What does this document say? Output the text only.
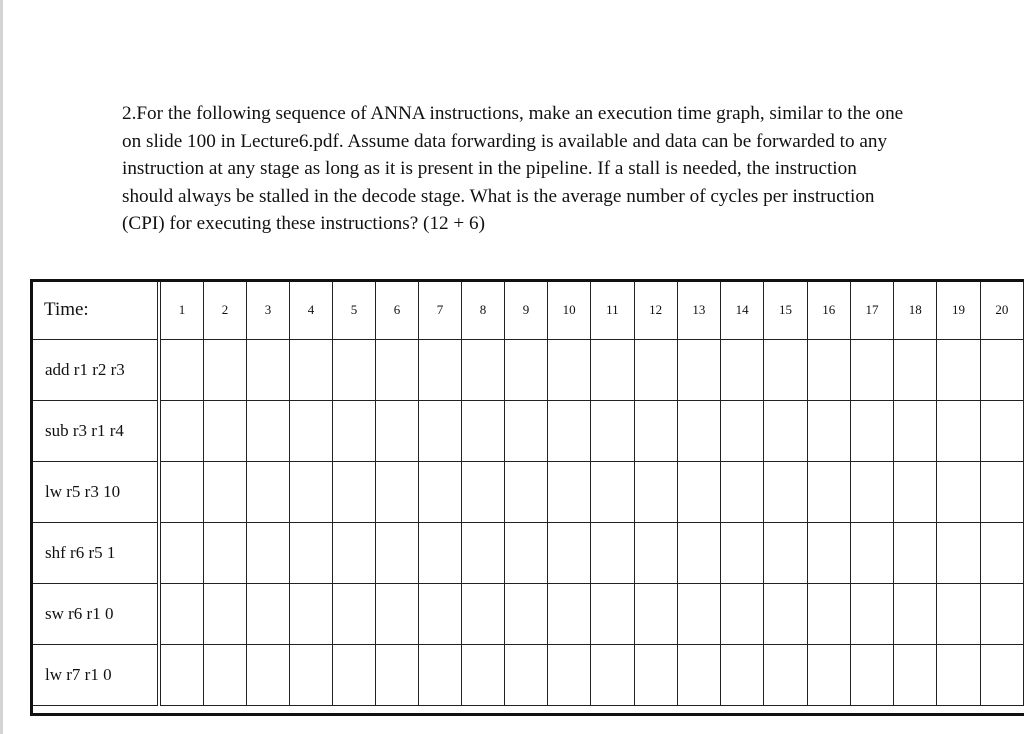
2.For the following sequence of ANNA instructions, make an execution time graph, similar to the one on slide 100 in Lecture6.pdf. Assume data forwarding is available and data can be forwarded to any instruction at any stage as long as it is present in the pipeline. If a stall is needed, the instruction should always be stalled in the decode stage. What is the average number of cycles per instruction (CPI) for executing these instructions? (12 + 6)

Time:		1	2	3	4	5	6	7	8	9	10	11	12	13	14	15	16	17	18	19	20
add r1 r2 r3																					
sub r3 r1 r4																					
lw r5 r3 10																					
shf r6 r5 1																					
sw r6 r1 0																					
lw r7 r1 0																					
